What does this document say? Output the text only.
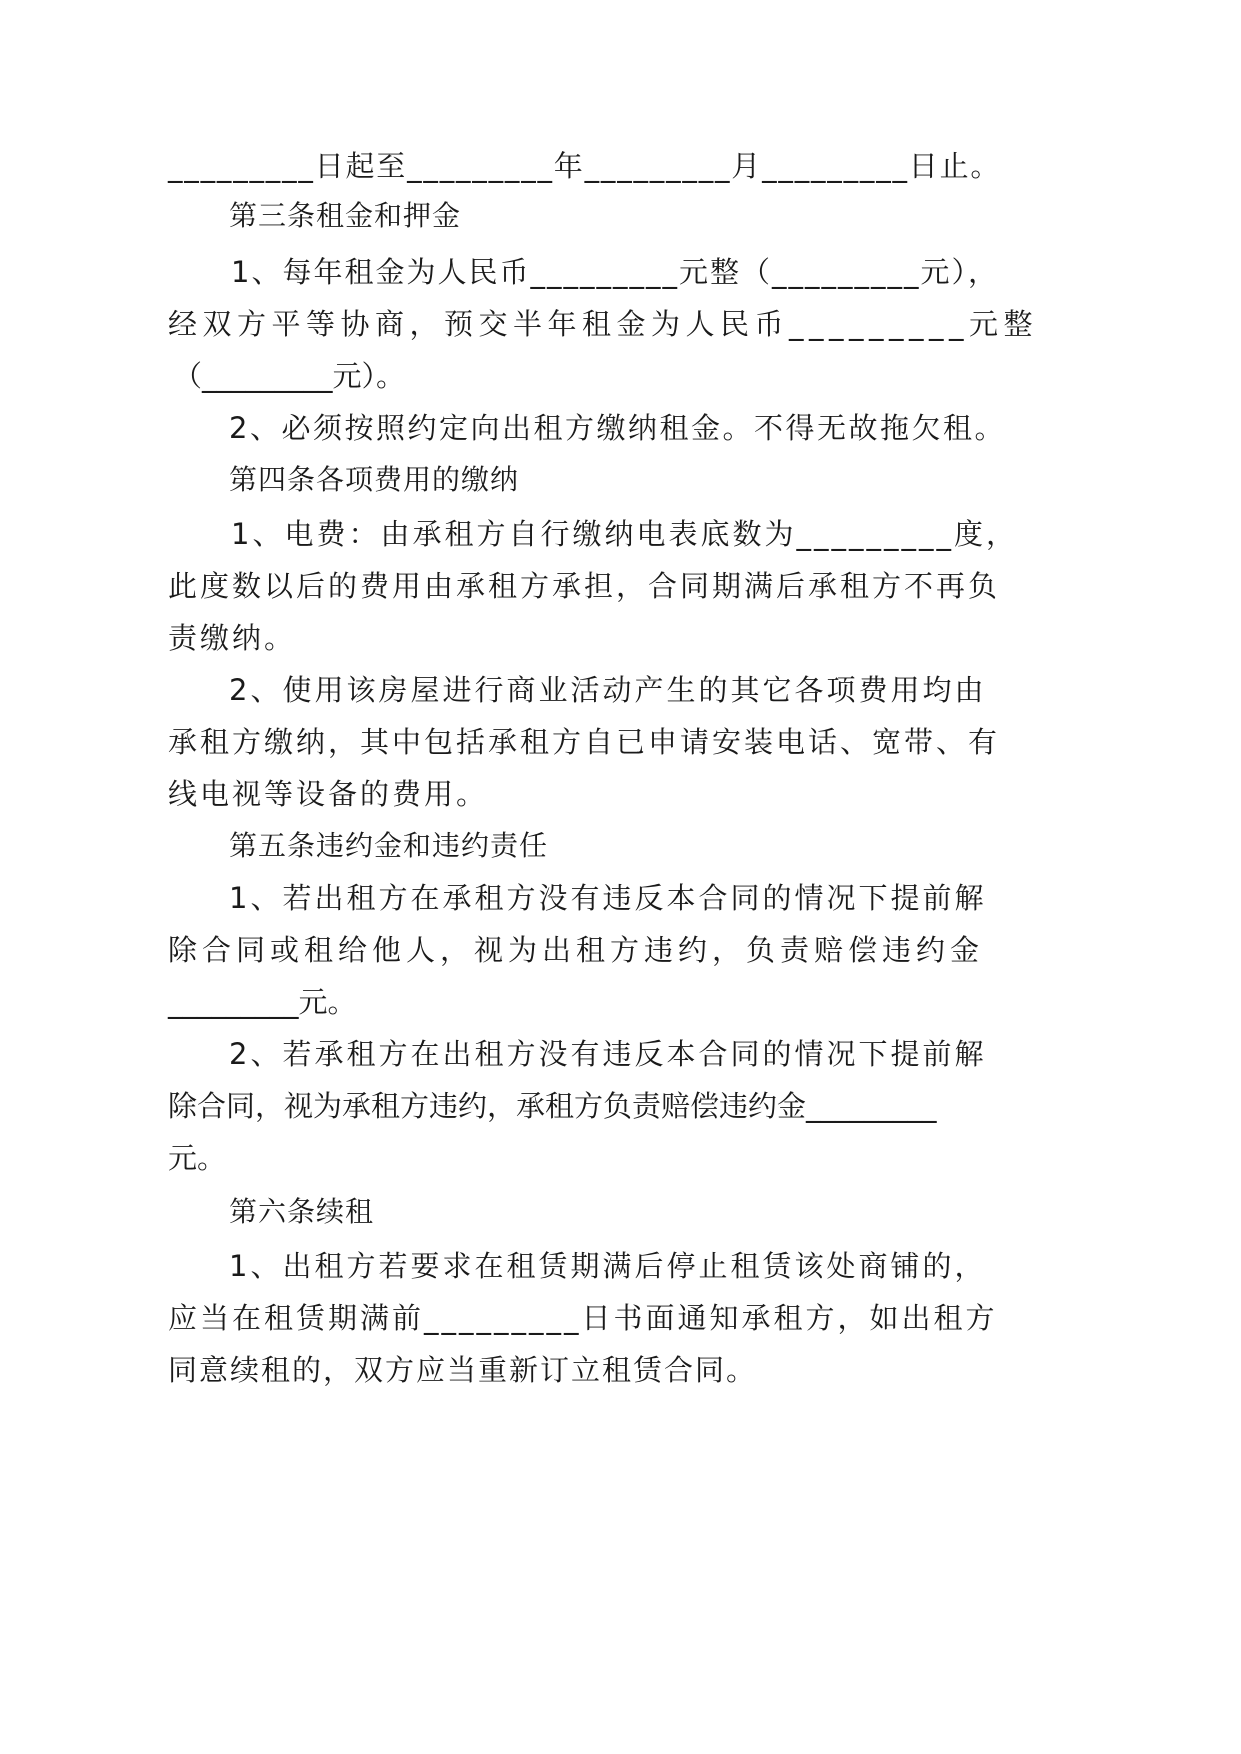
_________日起至_________年_________月_________日止。
第三条租金和押金
1、每年租金为人民币_________元整（_________元），
经双方平等协商，预交半年租金为人民币_________元整
（_________元）。
2、必须按照约定向出租方缴纳租金。不得无故拖欠租。
第四条各项费用的缴纳
1、电费：由承租方自行缴纳电表底数为_________度，
此度数以后的费用由承租方承担，合同期满后承租方不再负
责缴纳。
2、使用该房屋进行商业活动产生的其它各项费用均由
承租方缴纳，其中包括承租方自已申请安装电话、宽带、有
线电视等设备的费用。
第五条违约金和违约责任
1、若出租方在承租方没有违反本合同的情况下提前解
除合同或租给他人，视为出租方违约，负责赔偿违约金
_________元。
2、若承租方在出租方没有违反本合同的情况下提前解
除合同，视为承租方违约，承租方负责赔偿违约金_________
元。
第六条续租
1、出租方若要求在租赁期满后停止租赁该处商铺的，
应当在租赁期满前_________日书面通知承租方，如出租方
同意续租的，双方应当重新订立租赁合同。
